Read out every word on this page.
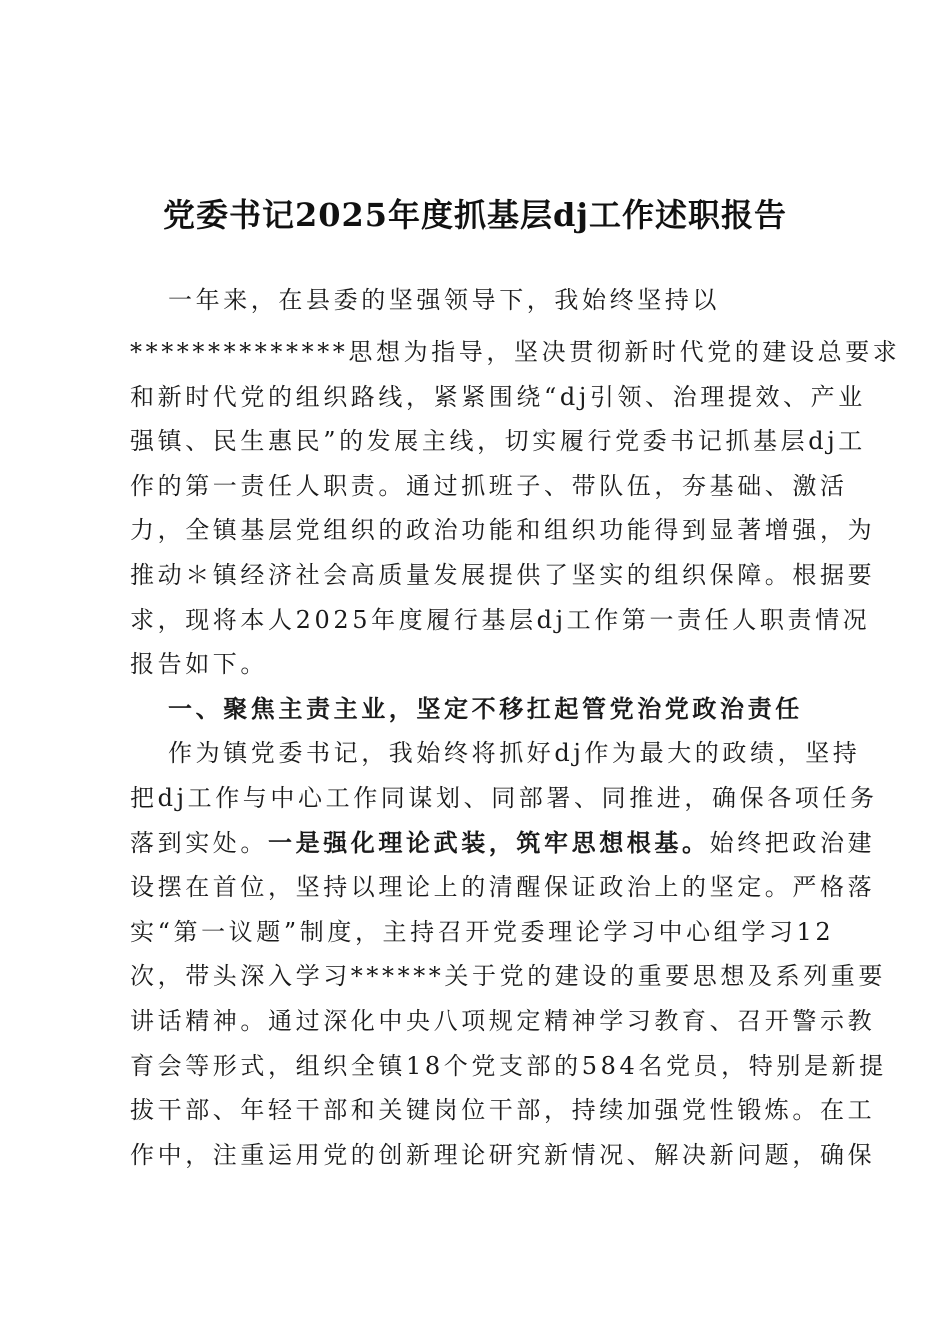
党委书记2025年度抓基层dj工作述职报告
一年来，在县委的坚强领导下，我始终坚持以
**************思想为指导，坚决贯彻新时代党的建设总要求
和新时代党的组织路线，紧紧围绕“dj引领、治理提效、产业
强镇、民生惠民”的发展主线，切实履行党委书记抓基层dj工
作的第一责任人职责。通过抓班子、带队伍，夯基础、激活
力，全镇基层党组织的政治功能和组织功能得到显著增强，为
推动＊镇经济社会高质量发展提供了坚实的组织保障。根据要
求，现将本人2025年度履行基层dj工作第一责任人职责情况
报告如下。
一、聚焦主责主业，坚定不移扛起管党治党政治责任
作为镇党委书记，我始终将抓好dj作为最大的政绩，坚持
把dj工作与中心工作同谋划、同部署、同推进，确保各项任务
落到实处。一是强化理论武装，筑牢思想根基。始终把政治建
设摆在首位，坚持以理论上的清醒保证政治上的坚定。严格落
实“第一议题”制度，主持召开党委理论学习中心组学习12
次，带头深入学习******关于党的建设的重要思想及系列重要
讲话精神。通过深化中央八项规定精神学习教育、召开警示教
育会等形式，组织全镇18个党支部的584名党员，特别是新提
拔干部、年轻干部和关键岗位干部，持续加强党性锻炼。在工
作中，注重运用党的创新理论研究新情况、解决新问题，确保
